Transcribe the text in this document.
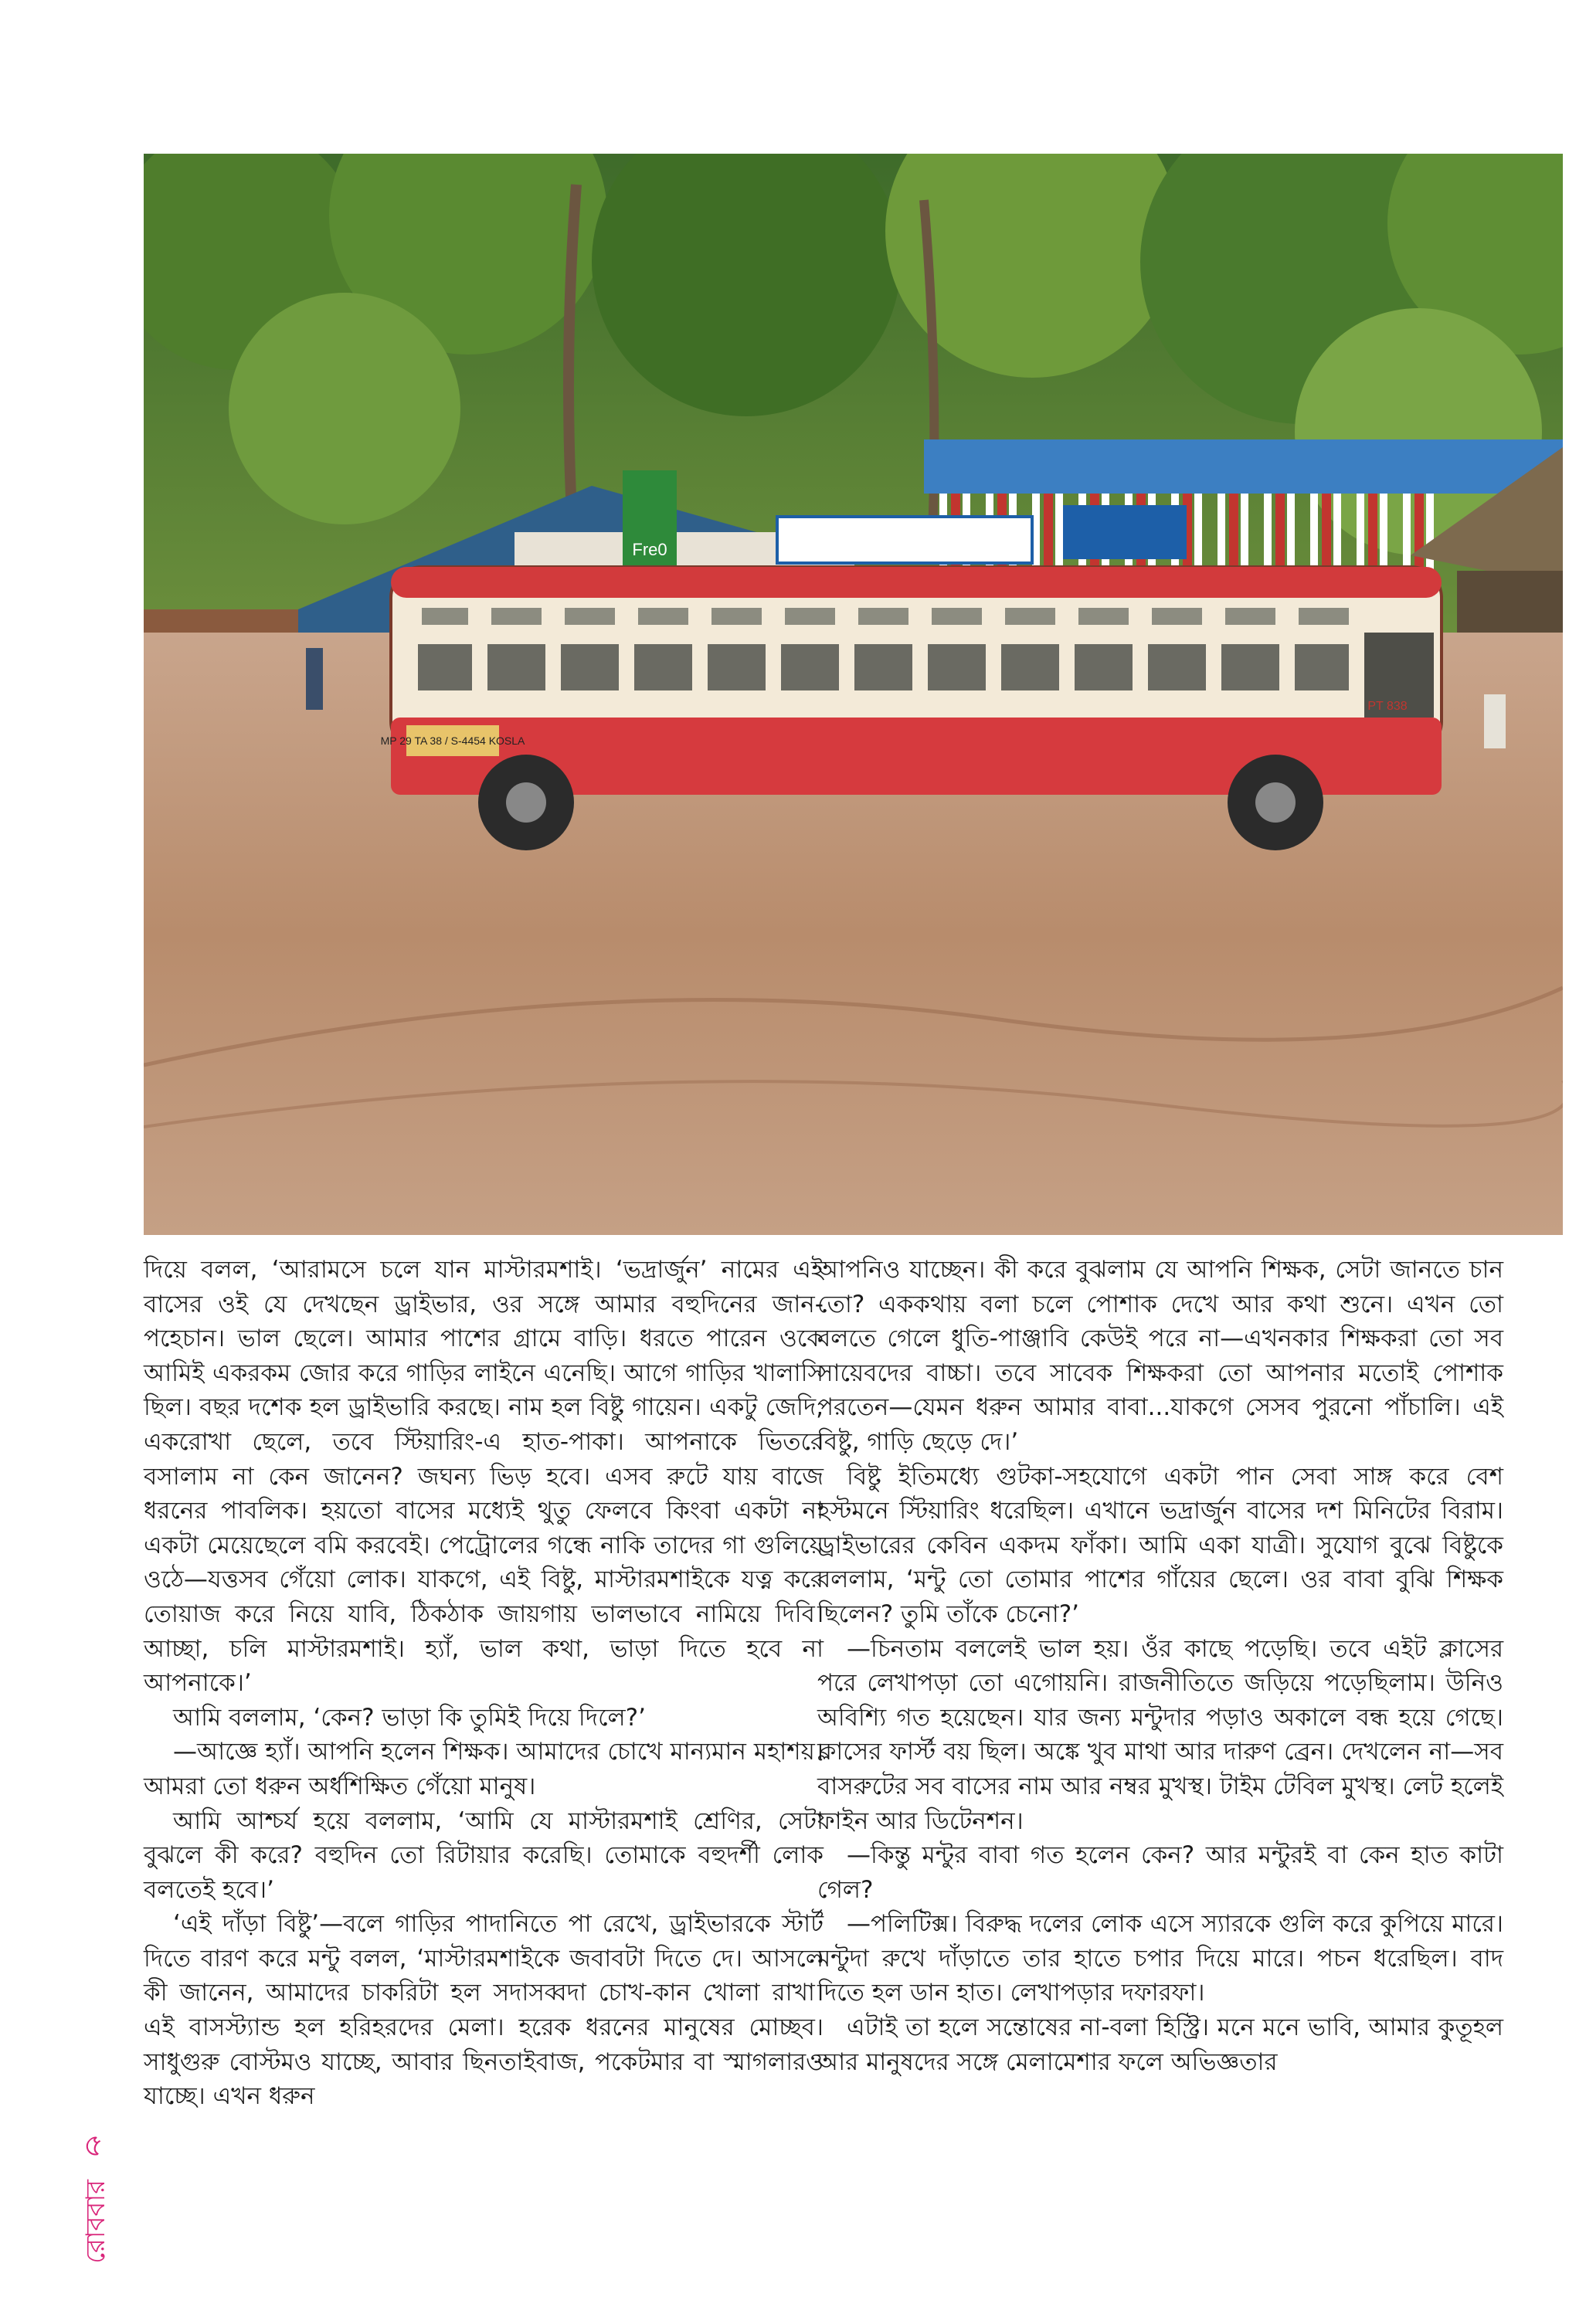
Fre0
MP 29 TA 38 / S-4454 KOSLA
PT 838

দিয়ে বলল, ‘আরামসে চলে যান মাস্টারমশাই। ‘ভদ্রার্জুন’ নামের এই বাসের ওই যে দেখছেন ড্রাইভার, ওর সঙ্গে আমার বহুদিনের জান-পহেচান। ভাল ছেলে। আমার পাশের গ্রামে বাড়ি। ধরতে পারেন ওকে আমিই একরকম জোর করে গাড়ির লাইনে এনেছি। আগে গাড়ির খালাসি ছিল। বছর দশেক হল ড্রাইভারি করছে। নাম হল বিষ্টু গায়েন। একটু জেদি, একরোখা ছেলে, তবে স্টিয়ারিং-এ হাত-পাকা। আপনাকে ভিতরে বসালাম না কেন জানেন? জঘন্য ভিড় হবে। এসব রুটে যায় বাজে ধরনের পাবলিক। হয়তো বাসের মধ্যেই থুতু ফেলবে কিংবা একটা না একটা মেয়েছেলে বমি করবেই। পেট্রোলের গন্ধে নাকি তাদের গা গুলিয়ে ওঠে—যত্তসব গেঁয়ো লোক। যাকগে, এই বিষ্টু, মাস্টারমশাইকে যত্ন করে তোয়াজ করে নিয়ে যাবি, ঠিকঠাক জায়গায় ভালভাবে নামিয়ে দিবি। আচ্ছা, চলি মাস্টারমশাই। হ্যাঁ, ভাল কথা, ভাড়া দিতে হবে না আপনাকে।’

আমি বললাম, ‘কেন? ভাড়া কি তুমিই দিয়ে দিলে?’

—আজ্ঞে হ্যাঁ। আপনি হলেন শিক্ষক। আমাদের চোখে মান্যমান মহাশয়। আমরা তো ধরুন অর্ধশিক্ষিত গেঁয়ো মানুষ।

আমি আশ্চর্য হয়ে বললাম, ‘আমি যে মাস্টারমশাই শ্রেণির, সেটা বুঝলে কী করে? বহুদিন তো রিটায়ার করেছি। তোমাকে বহুদর্শী লোক বলতেই হবে।’

‘এই দাঁড়া বিষ্টু’—বলে গাড়ির পাদানিতে পা রেখে, ড্রাইভারকে স্টার্ট দিতে বারণ করে মন্টু বলল, ‘মাস্টারমশাইকে জবাবটা দিতে দে। আসলে কী জানেন, আমাদের চাকরিটা হল সদাসব্বদা চোখ-কান খোলা রাখা। এই বাসস্ট্যান্ড হল হরিহরদের মেলা। হরেক ধরনের মানুষের মোচ্ছব। সাধুগুরু বোস্টমও যাচ্ছে, আবার ছিনতাইবাজ, পকেটমার বা স্মাগলারও যাচ্ছে। এখন ধরুন

আপনিও যাচ্ছেন। কী করে বুঝলাম যে আপনি শিক্ষক, সেটা জানতে চান তো? এককথায় বলা চলে পোশাক দেখে আর কথা শুনে। এখন তো বলতে গেলে ধুতি-পাঞ্জাবি কেউই পরে না—এখনকার শিক্ষকরা তো সব সায়েবদের বাচ্চা। তবে সাবেক শিক্ষকরা তো আপনার মতোই পোশাক পরতেন—যেমন ধরুন আমার বাবা...যাকগে সেসব পুরনো পাঁচালি। এই বিষ্টু, গাড়ি ছেড়ে দে।’

বিষ্টু ইতিমধ্যে গুটকা-সহযোগে একটা পান সেবা সাঙ্গ করে বেশ হস্টমনে স্টিয়ারিং ধরেছিল। এখানে ভদ্রার্জুন বাসের দশ মিনিটের বিরাম। ড্রাইভারের কেবিন একদম ফাঁকা। আমি একা যাত্রী। সুযোগ বুঝে বিষ্টুকে বললাম, ‘মন্টু তো তোমার পাশের গাঁয়ের ছেলে। ওর বাবা বুঝি শিক্ষক ছিলেন? তুমি তাঁকে চেনো?’

—চিনতাম বললেই ভাল হয়। ওঁর কাছে পড়েছি। তবে এইট ক্লাসের পরে লেখাপড়া তো এগোয়নি। রাজনীতিতে জড়িয়ে পড়েছিলাম। উনিও অবিশ্যি গত হয়েছেন। যার জন্য মন্টুদার পড়াও অকালে বন্ধ হয়ে গেছে। ক্লাসের ফার্স্ট বয় ছিল। অঙ্কে খুব মাথা আর দারুণ ব্রেন। দেখলেন না—সব বাসরুটের সব বাসের নাম আর নম্বর মুখস্থ। টাইম টেবিল মুখস্থ। লেট হলেই ফাইন আর ডিটেনশন।

—কিন্তু মন্টুর বাবা গত হলেন কেন? আর মন্টুরই বা কেন হাত কাটা গেল?

—পলিটিক্স। বিরুদ্ধ দলের লোক এসে স্যারকে গুলি করে কুপিয়ে মারে। মন্টুদা রুখে দাঁড়াতে তার হাতে চপার দিয়ে মারে। পচন ধরেছিল। বাদ দিতে হল ডান হাত। লেখাপড়ার দফারফা।

এটাই তা হলে সন্তোষের না-বলা হিস্ট্রি। মনে মনে ভাবি, আমার কুতূহল আর মানুষদের সঙ্গে মেলামেশার ফলে অভিজ্ঞতার

৫
রোববার
